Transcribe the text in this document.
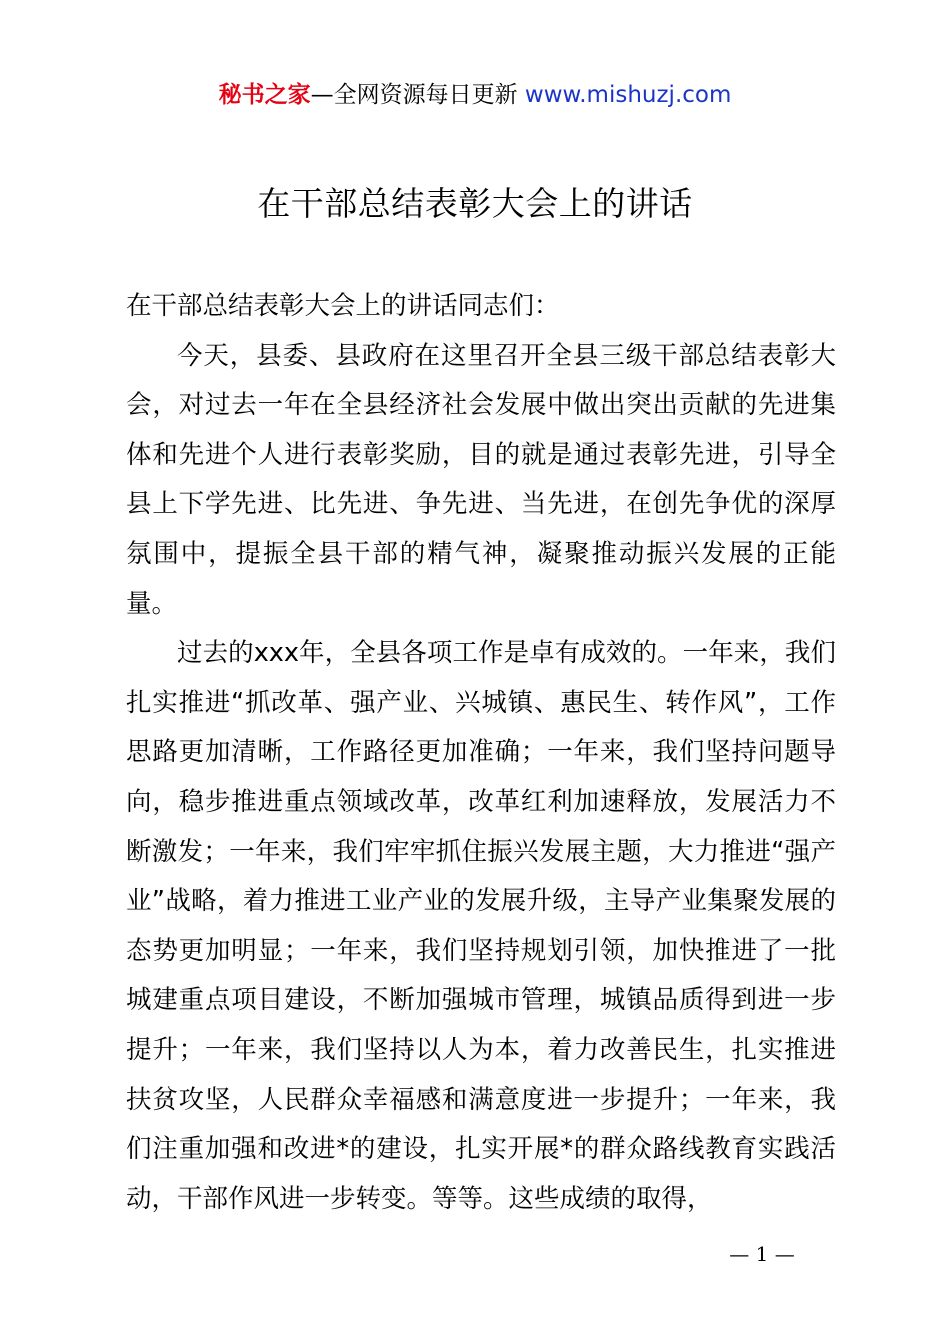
秘书之家—全网资源每日更新 www.mishuzj.com
在干部总结表彰大会上的讲话

在干部总结表彰大会上的讲话同志们：

今天，县委、县政府在这里召开全县三级干部总结表彰大会，对过去一年在全县经济社会发展中做出突出贡献的先进集体和先进个人进行表彰奖励，目的就是通过表彰先进，引导全县上下学先进、比先进、争先进、当先进，在创先争优的深厚氛围中，提振全县干部的精气神，凝聚推动振兴发展的正能量。

过去的xxx年，全县各项工作是卓有成效的。一年来，我们扎实推进“抓改革、强产业、兴城镇、惠民生、转作风”，工作思路更加清晰，工作路径更加准确；一年来，我们坚持问题导向，稳步推进重点领域改革，改革红利加速释放，发展活力不断激发；一年来，我们牢牢抓住振兴发展主题，大力推进“强产业”战略，着力推进工业产业的发展升级，主导产业集聚发展的态势更加明显；一年来，我们坚持规划引领，加快推进了一批城建重点项目建设，不断加强城市管理，城镇品质得到进一步提升；一年来，我们坚持以人为本，着力改善民生，扎实推进扶贫攻坚，人民群众幸福感和满意度进一步提升；一年来，我们注重加强和改进*的建设，扎实开展*的群众路线教育实践活动，干部作风进一步转变。等等。这些成绩的取得，

— 1 —
